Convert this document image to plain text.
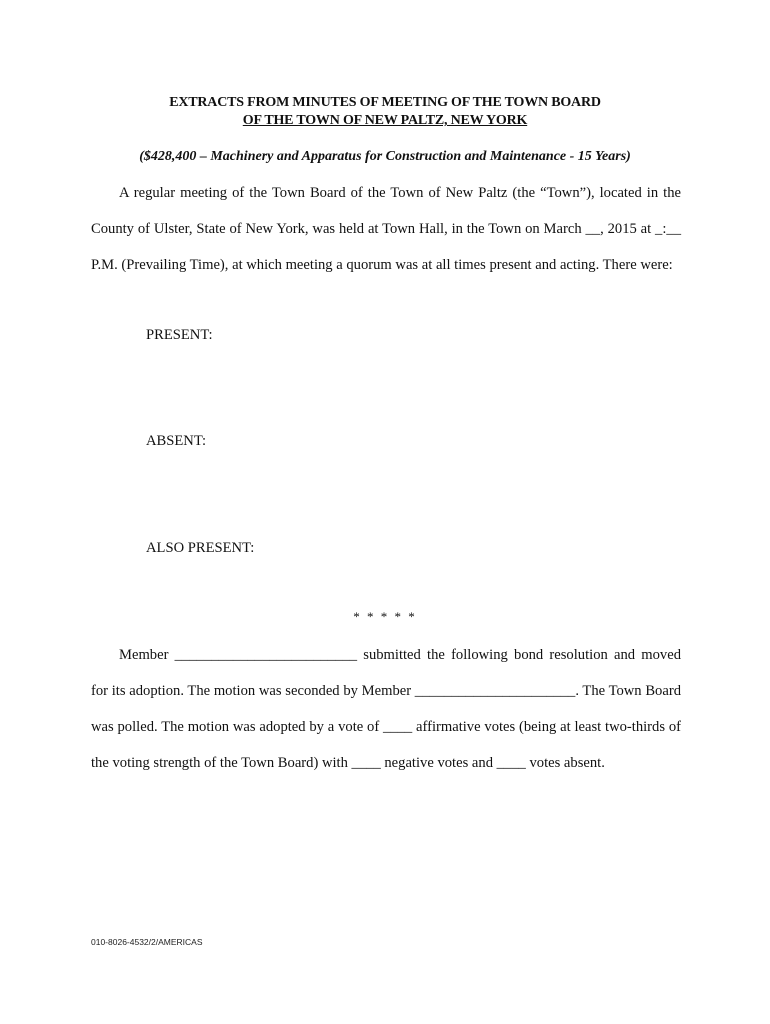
EXTRACTS FROM MINUTES OF MEETING OF THE TOWN BOARD
OF THE TOWN OF NEW PALTZ, NEW YORK
($428,400 – Machinery and Apparatus for Construction and Maintenance - 15 Years)

A regular meeting of the Town Board of the Town of New Paltz (the “Town”), located in the County of Ulster, State of New York, was held at Town Hall, in the Town on March __, 2015 at _:__ P.M. (Prevailing Time), at which meeting a quorum was at all times present and acting. There were:

PRESENT:
ABSENT:
ALSO PRESENT:
* * * * *

Member _________________________ submitted the following bond resolution and moved for its adoption. The motion was seconded by Member ______________________. The Town Board was polled. The motion was adopted by a vote of ____ affirmative votes (being at least two-thirds of the voting strength of the Town Board) with ____ negative votes and ____ votes absent.

010-8026-4532/2/AMERICAS
